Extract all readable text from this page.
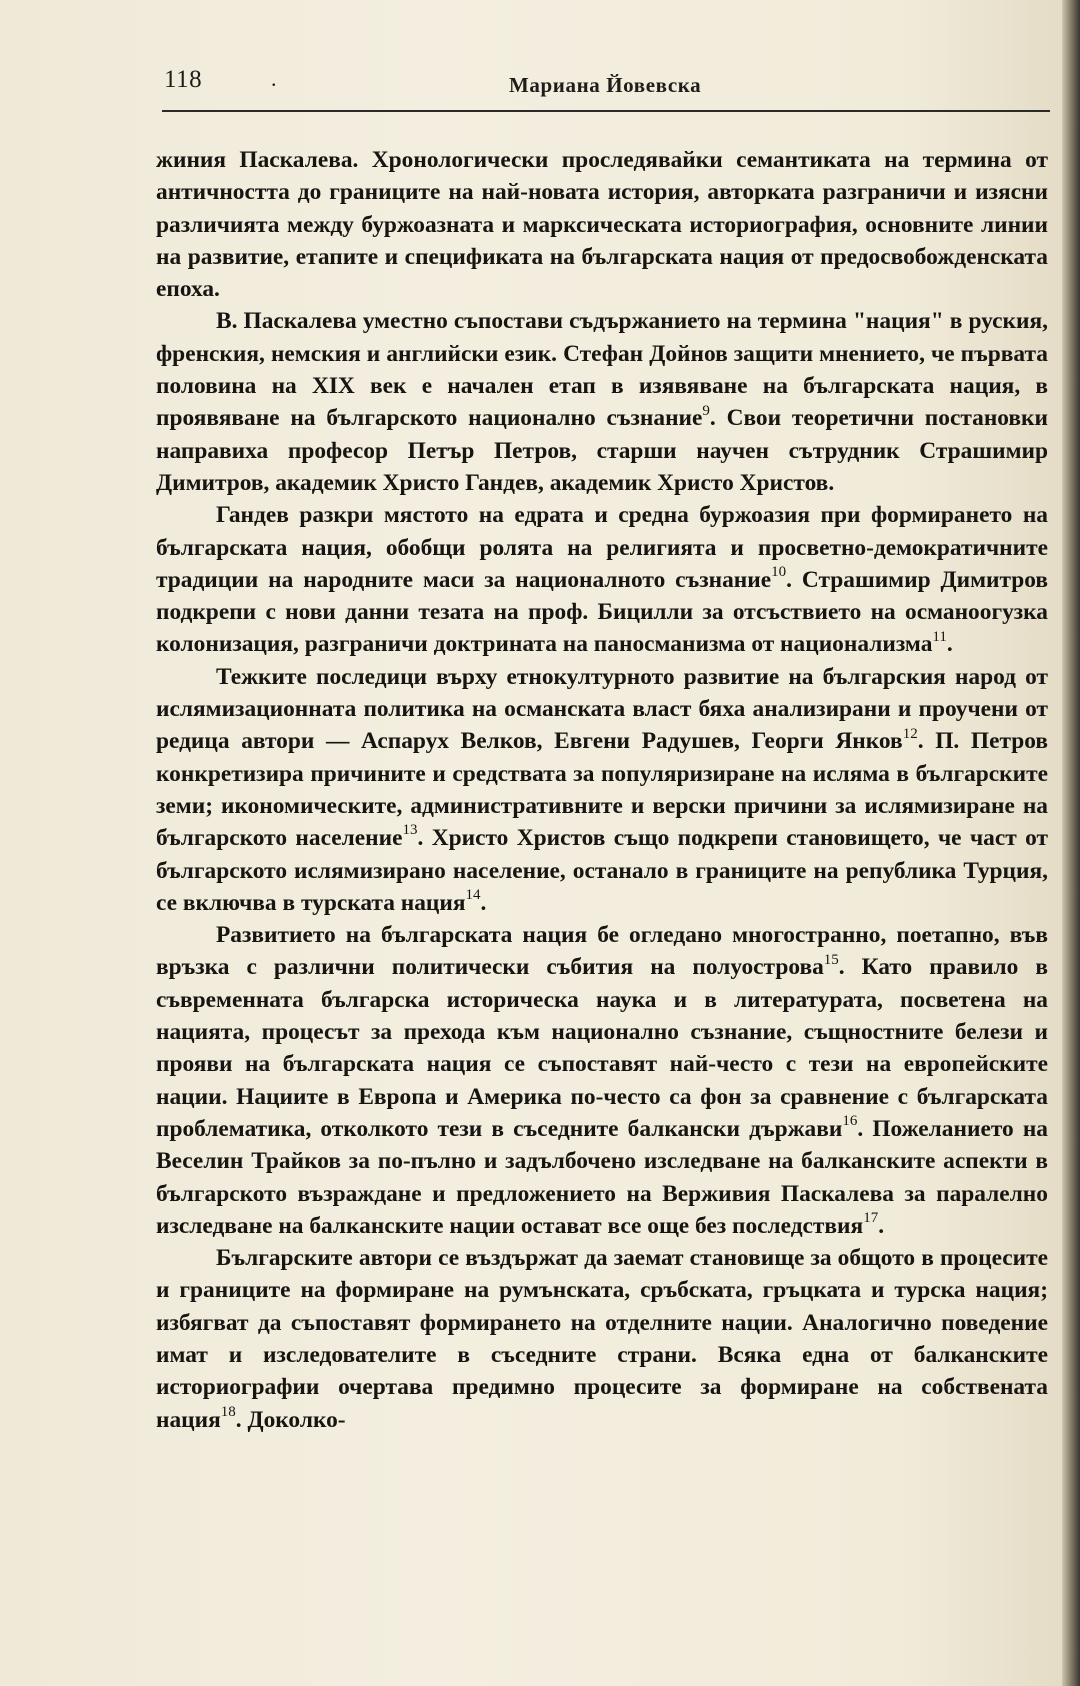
118	.	Мариана Йовевска

жиния Паскалева. Хронологически проследявайки семантиката на термина от античността до границите на най-новата история, авторката разграничи и изясни различията между буржоазната и марксическата историография, основните линии на развитие, етапите и спецификата на българската нация от предосвобожденската епоха.

В. Паскалева уместно съпостави съдържанието на термина "нация" в руския, френския, немския и английски език. Стефан Дойнов защити мнението, че първата половина на XIX век е начален етап в изявяване на българската нация, в проявяване на българското национално съзнание$^9$. Свои теоретични постановки направиха професор Петър Петров, старши научен сътрудник Страшимир Димитров, академик Христо Гандев, академик Христо Христов.

Гандев разкри мястото на едрата и средна буржоазия при формирането на българската нация, обобщи ролята на религията и просветно-демократичните традиции на народните маси за националното съзнание$^{10}$. Страшимир Димитров подкрепи с нови данни тезата на проф. Бицилли за отсъствието на османоогузка колонизация, разграничи доктрината на паносманизма от национализма$^{11}$.

Тежките последици върху етнокултурното развитие на българския народ от ислямизационната политика на османската власт бяха анализирани и проучени от редица автори — Аспарух Велков, Евгени Радушев, Георги Янков$^{12}$. П. Петров конкретизира причините и средствата за популяризиране на исляма в българските земи; икономическите, административните и верски причини за ислямизиране на българското население$^{13}$. Христо Христов също подкрепи становището, че част от българското ислямизирано население, останало в границите на република Турция, се включва в турската нация$^{14}$.

Развитието на българската нация бе огледано многостранно, поетапно, във връзка с различни политически събития на полуострова$^{15}$. Като правило в съвременната българска историческа наука и в литературата, посветена на нацията, процесът за прехода към национално съзнание, същностните белези и прояви на българската нация се съпоставят най-често с тези на европейските нации. Нациите в Европа и Америка по-често са фон за сравнение с българската проблематика, отколкото тези в съседните балкански държави$^{16}$. Пожеланието на Веселин Трайков за по-пълно и задълбочено изследване на балканските аспекти в българското възраждане и предложението на Верживия Паскалева за паралелно изследване на балканските нации остават все още без последствия$^{17}$.

Българските автори се въздържат да заемат становище за общото в процесите и границите на формиране на румънската, сръбската, гръцката и турска нация; избягват да съпоставят формирането на отделните нации. Аналогично поведение имат и изследователите в съседните страни. Всяка една от балканските историографии очертава предимно процесите за формиране на собствената нация$^{18}$. Доколко-
